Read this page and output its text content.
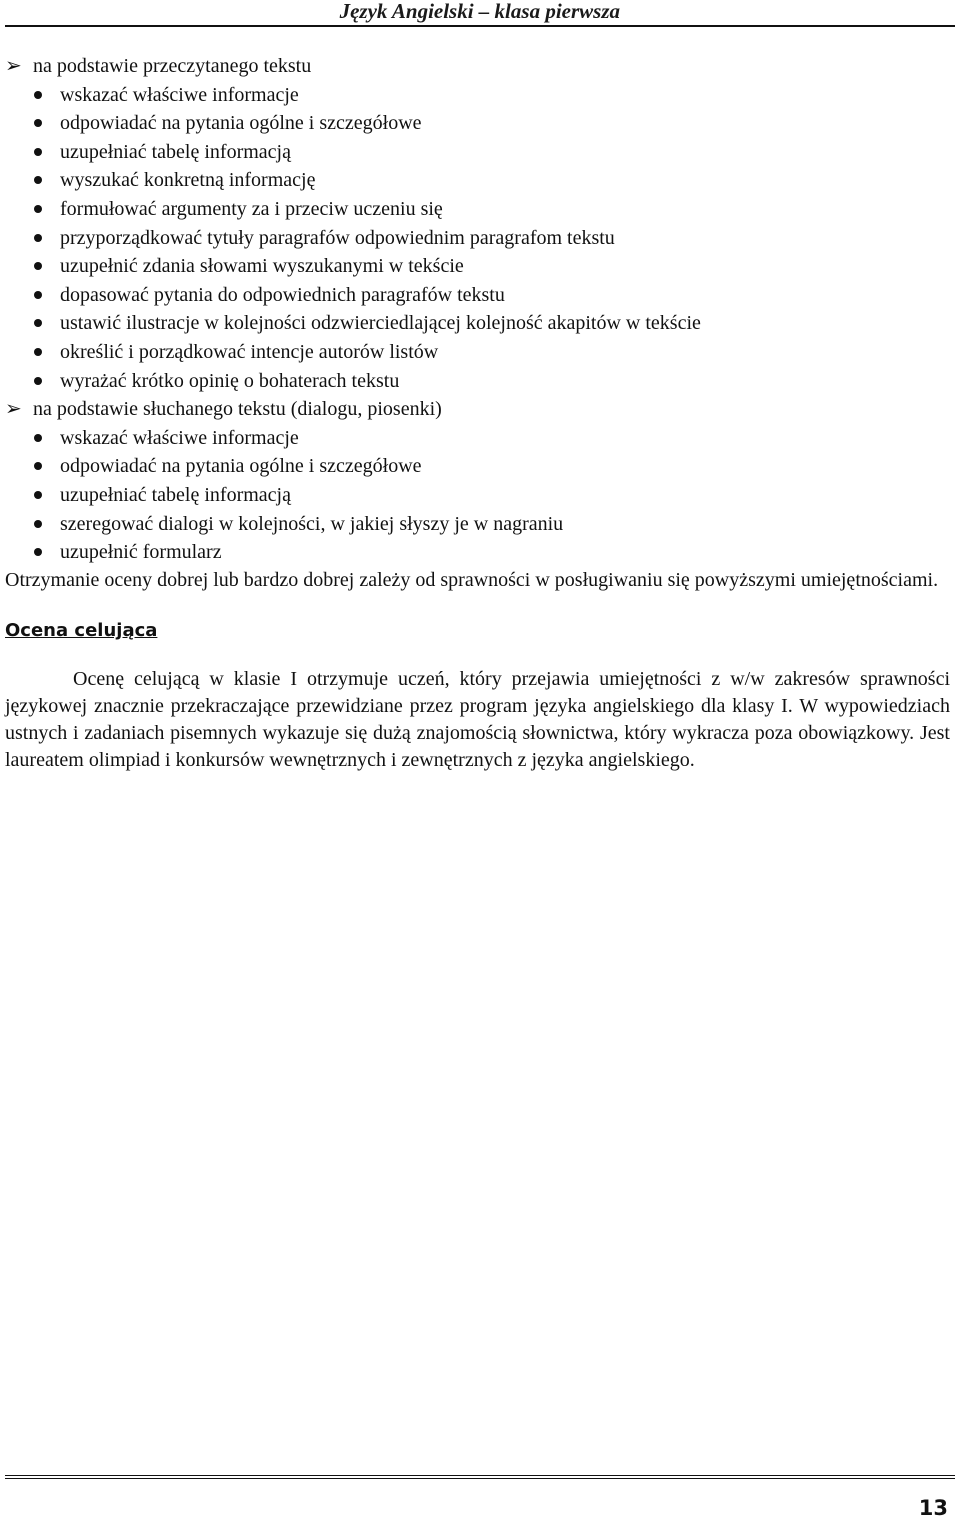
Język Angielski – klasa pierwsza
➢ na podstawie przeczytanego tekstu
wskazać właściwe informacje
odpowiadać na pytania ogólne i szczegółowe
uzupełniać tabelę informacją
wyszukać konkretną informację
formułować argumenty za i przeciw uczeniu się
przyporządkować tytuły paragrafów odpowiednim paragrafom tekstu
uzupełnić zdania słowami wyszukanymi w tekście
dopasować pytania do odpowiednich paragrafów tekstu
ustawić ilustracje w kolejności odzwierciedlającej kolejność akapitów w tekście
określić i porządkować intencje autorów listów
wyrażać krótko opinię o bohaterach tekstu
➢ na podstawie słuchanego tekstu (dialogu, piosenki)
wskazać właściwe informacje
odpowiadać na pytania ogólne i szczegółowe
uzupełniać tabelę informacją
szeregować dialogi w kolejności, w jakiej słyszy je w nagraniu
uzupełnić formularz
Otrzymanie oceny dobrej lub bardzo dobrej zależy od sprawności w posługiwaniu się powyższymi umiejętnościami.
Ocena celująca
Ocenę celującą w klasie I otrzymuje uczeń, który przejawia umiejętności z w/w zakresów sprawności językowej znacznie przekraczające przewidziane przez program języka angielskiego dla klasy I. W wypowiedziach ustnych i zadaniach pisemnych wykazuje się dużą znajomością słownictwa, który wykracza poza obowiązkowy. Jest laureatem olimpiad i konkursów wewnętrznych i zewnętrznych z języka angielskiego.
13
